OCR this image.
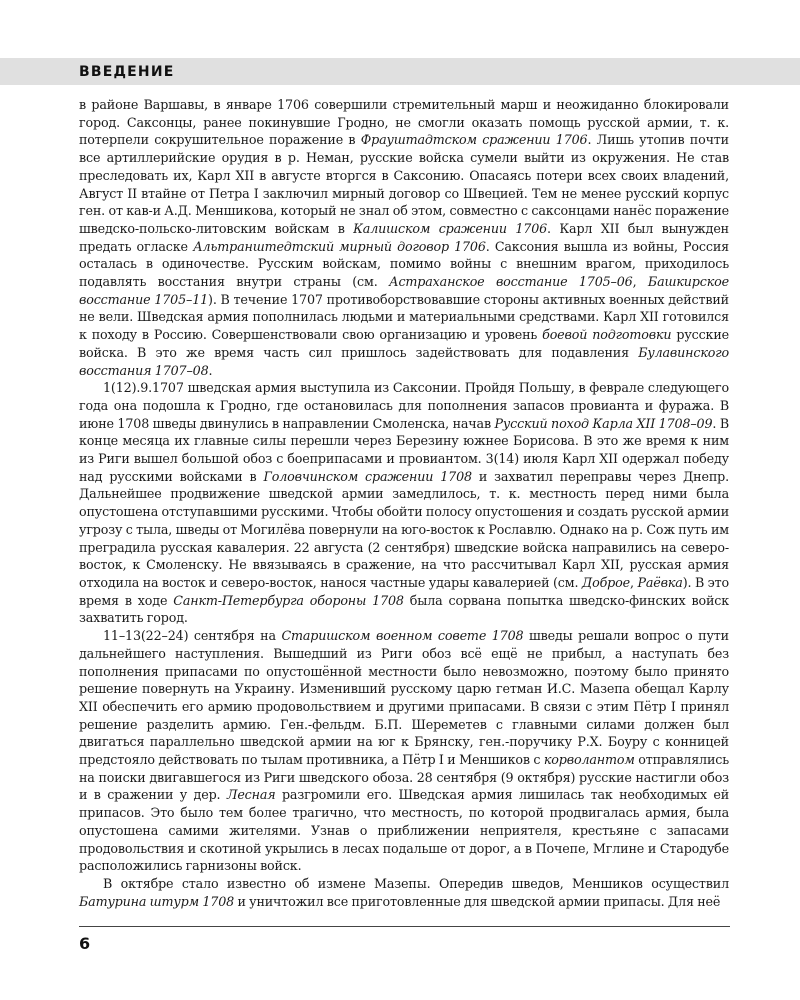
ВВЕДЕНИЕ

в районе Варшавы, в январе 1706 совершили стремительный марш и неожиданно блокировали город. Саксонцы, ранее покинувшие Гродно, не смогли оказать помощь русской армии, т. к. потерпели сокрушительное поражение в Фрауштадтском сражении 1706. Лишь утопив почти все артиллерийские орудия в р. Неман, русские войска сумели выйти из окружения. Не став преследовать их, Карл XII в августе вторгся в Саксонию. Опасаясь потери всех своих владений, Август II втайне от Петра I заключил мирный договор со Швецией. Тем не менее русский корпус ген. от кав-и А.Д. Меншикова, который не знал об этом, совместно с саксонцами нанёс поражение шведско-польско-литовским войскам в Калишском сражении 1706. Карл XII был вынужден предать огласке Альтранштедтский мирный договор 1706. Саксония вышла из войны, Россия осталась в одиночестве. Русским войскам, помимо войны с внешним врагом, приходилось подавлять восстания внутри страны (см. Астраханское восстание 1705–06, Башкирское восстание 1705–11). В течение 1707 противоборствовавшие стороны активных военных действий не вели. Шведская армия пополнилась людьми и материальными средствами. Карл XII готовился к походу в Россию. Совершенствовали свою организацию и уровень боевой подготовки русские войска. В это же время часть сил пришлось задействовать для подавления Булавинского восстания 1707–08.

1(12).9.1707 шведская армия выступила из Саксонии. Пройдя Польшу, в феврале следующего года она подошла к Гродно, где остановилась для пополнения запасов провианта и фуража. В июне 1708 шведы двинулись в направлении Смоленска, начав Русский поход Карла XII 1708–09. В конце месяца их главные силы перешли через Березину южнее Борисова. В это же время к ним из Риги вышел большой обоз с боеприпасами и провиантом. 3(14) июля Карл XII одержал победу над русскими войсками в Головчинском сражении 1708 и захватил переправы через Днепр. Дальнейшее продвижение шведской армии замедлилось, т. к. местность перед ними была опустошена отступавшими русскими. Чтобы обойти полосу опустошения и создать русской армии угрозу с тыла, шведы от Могилёва повернули на юго-восток к Рославлю. Однако на р. Сож путь им преградила русская кавалерия. 22 августа (2 сентября) шведские войска направились на северо-восток, к Смоленску. Не ввязываясь в сражение, на что рассчитывал Карл XII, русская армия отходила на восток и северо-восток, нанося частные удары кавалерией (см. Доброе, Раёвка). В это время в ходе Санкт-Петербурга обороны 1708 была сорвана попытка шведско-финских войск захватить город.

11–13(22–24) сентября на Старишском военном совете 1708 шведы решали вопрос о пути дальнейшего наступления. Вышедший из Риги обоз всё ещё не прибыл, а наступать без пополнения припасами по опустошённой местности было невозможно, поэтому было принято решение повернуть на Украину. Изменивший русскому царю гетман И.С. Мазепа обещал Карлу XII обеспечить его армию продовольствием и другими припасами. В связи с этим Пётр I принял решение разделить армию. Ген.-фельдм. Б.П. Шереметев с главными силами должен был двигаться параллельно шведской армии на юг к Брянску, ген.-поручику Р.Х. Боуру с конницей предстояло действовать по тылам противника, а Пётр I и Меншиков с корволантом отправлялись на поиски двигавшегося из Риги шведского обоза. 28 сентября (9 октября) русские настигли обоз и в сражении у дер. Лесная разгромили его. Шведская армия лишилась так необходимых ей припасов. Это было тем более трагично, что местность, по которой продвигалась армия, была опустошена самими жителями. Узнав о приближении неприятеля, крестьяне с запасами продовольствия и скотиной укрылись в лесах подальше от дорог, а в Почепе, Мглине и Стародубе расположились гарнизоны войск.

В октябре стало известно об измене Мазепы. Опередив шведов, Меншиков осуществил Батурина штурм 1708 и уничтожил все приготовленные для шведской армии припасы. Для неё

6
